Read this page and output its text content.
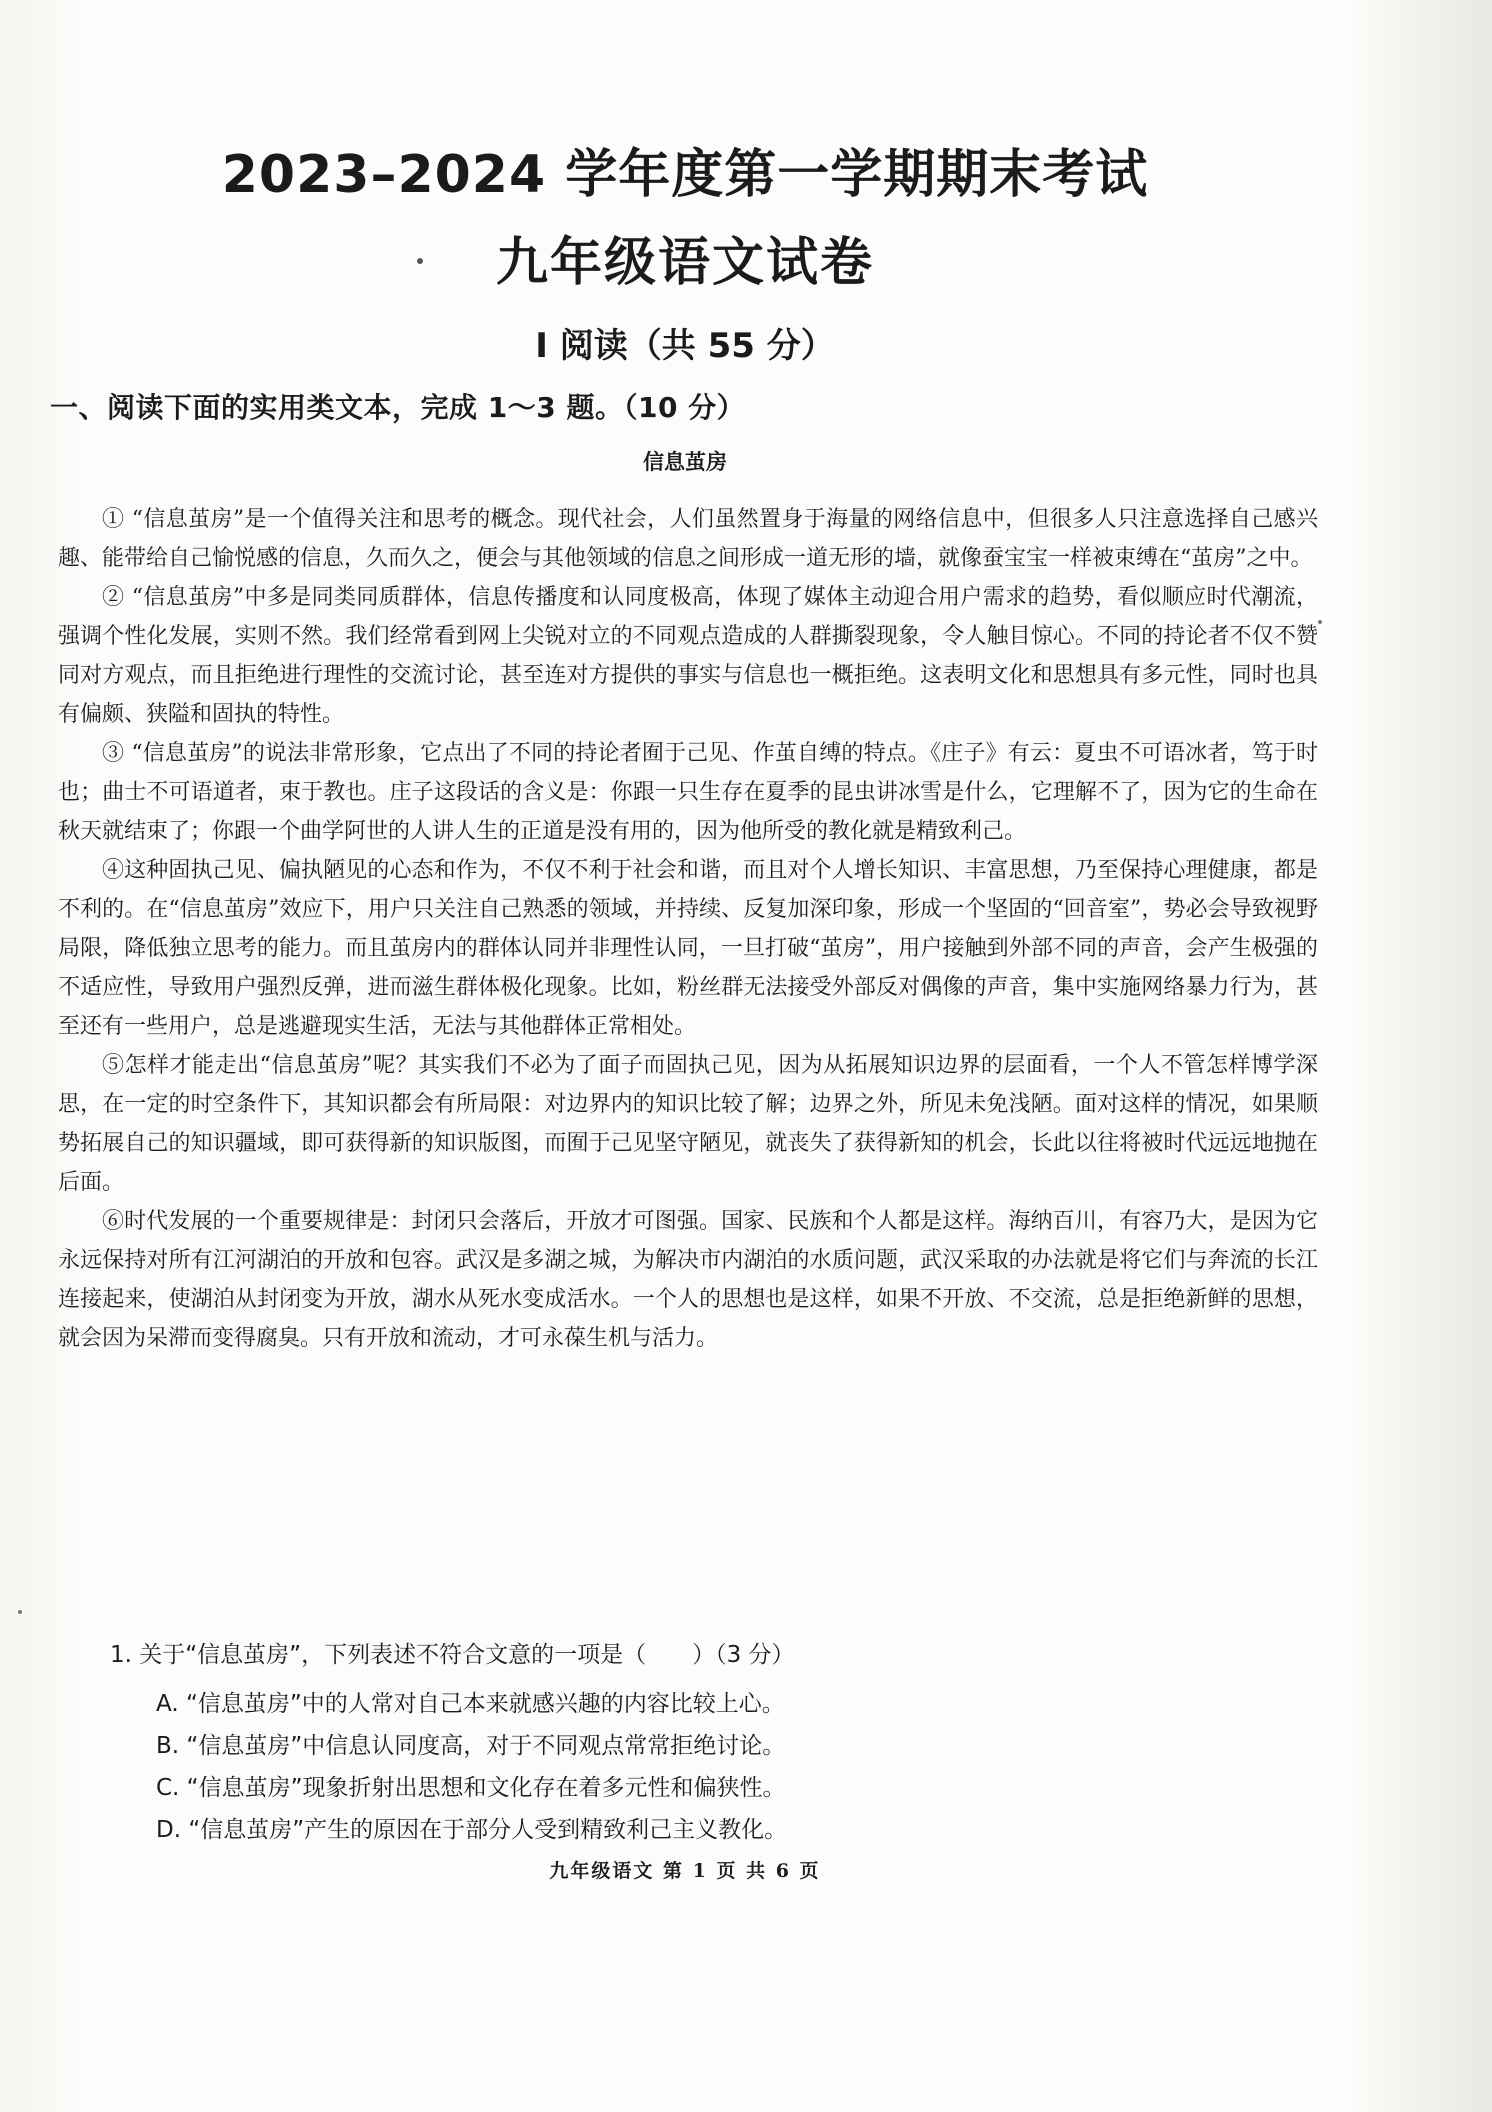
2023–2024 学年度第一学期期末考试
九年级语文试卷
I 阅读（共 55 分）
一、阅读下面的实用类文本，完成 1～3 题。（10 分）
信息茧房

① “信息茧房”是一个值得关注和思考的概念。现代社会，人们虽然置身于海量的网络信息中，但很多人只注意选择自己感兴趣、能带给自己愉悦感的信息，久而久之，便会与其他领域的信息之间形成一道无形的墙，就像蚕宝宝一样被束缚在“茧房”之中。

② “信息茧房”中多是同类同质群体，信息传播度和认同度极高，体现了媒体主动迎合用户需求的趋势，看似顺应时代潮流，强调个性化发展，实则不然。我们经常看到网上尖锐对立的不同观点造成的人群撕裂现象，令人触目惊心。不同的持论者不仅不赞同对方观点，而且拒绝进行理性的交流讨论，甚至连对方提供的事实与信息也一概拒绝。这表明文化和思想具有多元性，同时也具有偏颇、狭隘和固执的特性。

③ “信息茧房”的说法非常形象，它点出了不同的持论者囿于己见、作茧自缚的特点。《庄子》有云：夏虫不可语冰者，笃于时也；曲士不可语道者，束于教也。庄子这段话的含义是：你跟一只生存在夏季的昆虫讲冰雪是什么，它理解不了，因为它的生命在秋天就结束了；你跟一个曲学阿世的人讲人生的正道是没有用的，因为他所受的教化就是精致利己。

④这种固执己见、偏执陋见的心态和作为，不仅不利于社会和谐，而且对个人增长知识、丰富思想，乃至保持心理健康，都是不利的。在“信息茧房”效应下，用户只关注自己熟悉的领域，并持续、反复加深印象，形成一个坚固的“回音室”，势必会导致视野局限，降低独立思考的能力。而且茧房内的群体认同并非理性认同，一旦打破“茧房”，用户接触到外部不同的声音，会产生极强的不适应性，导致用户强烈反弹，进而滋生群体极化现象。比如，粉丝群无法接受外部反对偶像的声音，集中实施网络暴力行为，甚至还有一些用户，总是逃避现实生活，无法与其他群体正常相处。

⑤怎样才能走出“信息茧房”呢？其实我们不必为了面子而固执己见，因为从拓展知识边界的层面看，一个人不管怎样博学深思，在一定的时空条件下，其知识都会有所局限：对边界内的知识比较了解；边界之外，所见未免浅陋。面对这样的情况，如果顺势拓展自己的知识疆域，即可获得新的知识版图，而囿于己见坚守陋见，就丧失了获得新知的机会，长此以往将被时代远远地抛在后面。

⑥时代发展的一个重要规律是：封闭只会落后，开放才可图强。国家、民族和个人都是这样。海纳百川，有容乃大，是因为它永远保持对所有江河湖泊的开放和包容。武汉是多湖之城，为解决市内湖泊的水质问题，武汉采取的办法就是将它们与奔流的长江连接起来，使湖泊从封闭变为开放，湖水从死水变成活水。一个人的思想也是这样，如果不开放、不交流，总是拒绝新鲜的思想，就会因为呆滞而变得腐臭。只有开放和流动，才可永葆生机与活力。

1. 关于“信息茧房”，下列表述不符合文意的一项是（　　）（3 分）

A. “信息茧房”中的人常对自己本来就感兴趣的内容比较上心。

B. “信息茧房”中信息认同度高，对于不同观点常常拒绝讨论。

C. “信息茧房”现象折射出思想和文化存在着多元性和偏狭性。

D. “信息茧房”产生的原因在于部分人受到精致利己主义教化。

九年级语文 第 1 页 共 6 页
